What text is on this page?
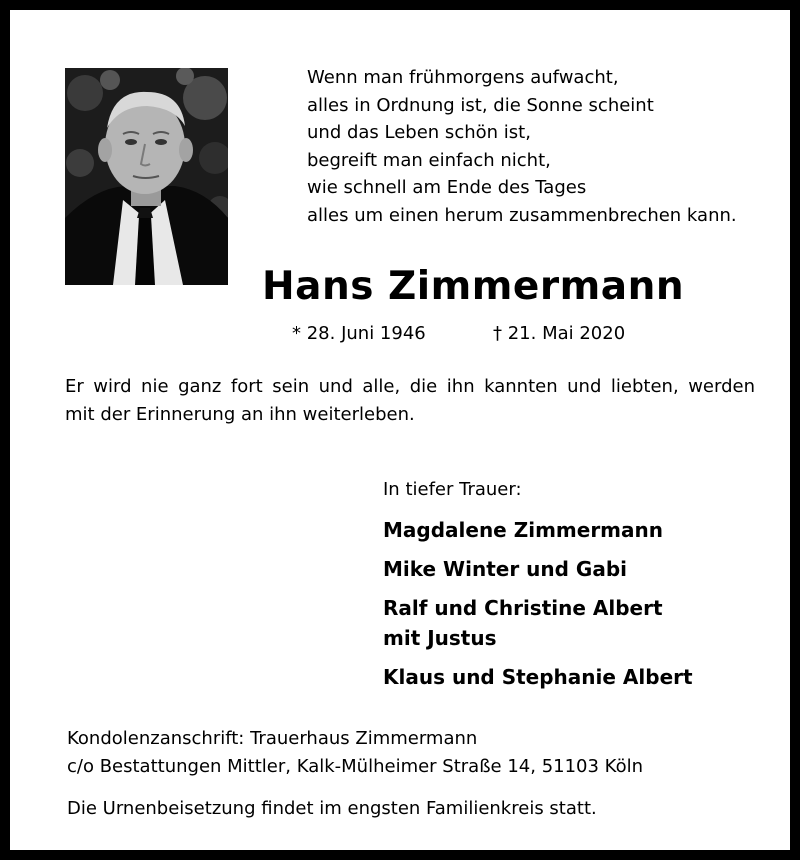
Wenn man frühmorgens aufwacht,
alles in Ordnung ist, die Sonne scheint
und das Leben schön ist,
begreift man einfach nicht,
wie schnell am Ende des Tages
alles um einen herum zusammenbrechen kann.
Hans Zimmermann
* 28. Juni 1946	† 21. Mai 2020
Er wird nie ganz fort sein und alle, die ihn kannten und liebten, werden
mit der Erinnerung an ihn weiterleben.
In tiefer Trauer:
Magdalene Zimmermann
Mike Winter und Gabi
Ralf und Christine Albert
mit Justus
Klaus und Stephanie Albert
Kondolenzanschrift: Trauerhaus Zimmermann
c/o Bestattungen Mittler, Kalk-Mülheimer Straße 14, 51103 Köln
Die Urnenbeisetzung findet im engsten Familienkreis statt.
